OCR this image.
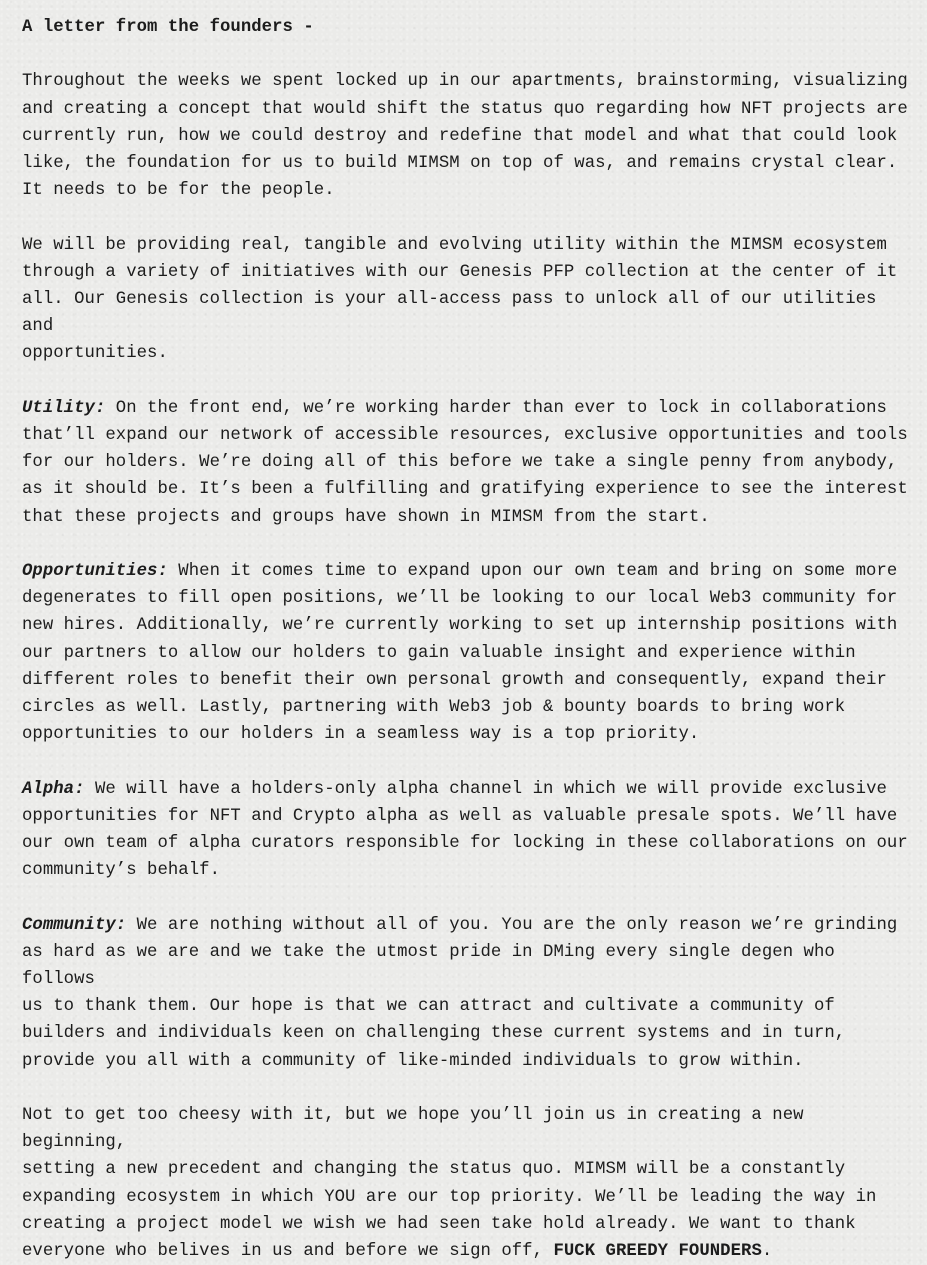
A letter from the founders -

Throughout the weeks we spent locked up in our apartments, brainstorming, visualizing
and creating a concept that would shift the status quo regarding how NFT projects are
currently run, how we could destroy and redefine that model and what that could look
like, the foundation for us to build MIMSM on top of was, and remains crystal clear.
It needs to be for the people.

We will be providing real, tangible and evolving utility within the MIMSM ecosystem
through a variety of initiatives with our Genesis PFP collection at the center of it
all. Our Genesis collection is your all-access pass to unlock all of our utilities and
opportunities.

Utility: On the front end, we’re working harder than ever to lock in collaborations
that’ll expand our network of accessible resources, exclusive opportunities and tools
for our holders. We’re doing all of this before we take a single penny from anybody,
as it should be. It’s been a fulfilling and gratifying experience to see the interest
that these projects and groups have shown in MIMSM from the start.

Opportunities: When it comes time to expand upon our own team and bring on some more
degenerates to fill open positions, we’ll be looking to our local Web3 community for
new hires. Additionally, we’re currently working to set up internship positions with
our partners to allow our holders to gain valuable insight and experience within
different roles to benefit their own personal growth and consequently, expand their
circles as well. Lastly, partnering with Web3 job & bounty boards to bring work
opportunities to our holders in a seamless way is a top priority.

Alpha: We will have a holders-only alpha channel in which we will provide exclusive
opportunities for NFT and Crypto alpha as well as valuable presale spots. We’ll have
our own team of alpha curators responsible for locking in these collaborations on our
community’s behalf.

Community: We are nothing without all of you. You are the only reason we’re grinding
as hard as we are and we take the utmost pride in DMing every single degen who follows
us to thank them. Our hope is that we can attract and cultivate a community of
builders and individuals keen on challenging these current systems and in turn,
provide you all with a community of like-minded individuals to grow within.

Not to get too cheesy with it, but we hope you’ll join us in creating a new beginning,
setting a new precedent and changing the status quo. MIMSM will be a constantly
expanding ecosystem in which YOU are our top priority. We’ll be leading the way in
creating a project model we wish we had seen take hold already. We want to thank
everyone who belives in us and before we sign off, FUCK GREEDY FOUNDERS.
